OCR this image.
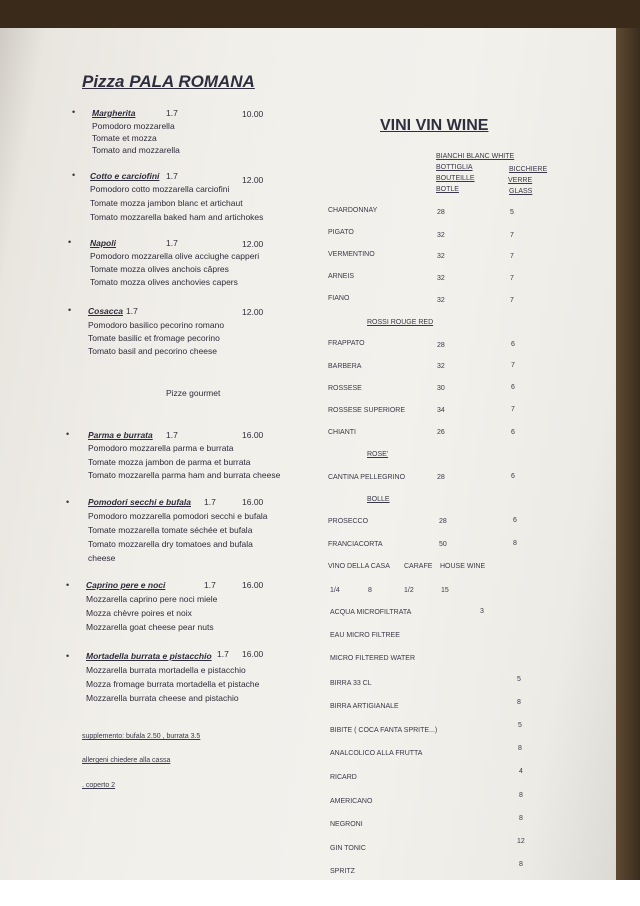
Pizza PALA ROMANA
VINI VIN WINE
• Margherita	1.7	10.00
Pomodoro mozzarella
Tomate et mozza
Tomato and mozzarella
• Cotto e carciofini 1.7	12.00
Pomodoro cotto mozzarella carciofini
Tomate mozza jambon blanc et artichaut
Tomato mozzarella baked ham and artichokes
• Napoli	1.7	12.00
Pomodoro mozzarella olive acciughe capperi
Tomate mozza olives anchois câpres
Tomato mozza olives anchovies capers
• Cosacca 1.7	12.00
Pomodoro basilico pecorino romano
Tomate basilic et fromage pecorino
Tomato basil and pecorino cheese
Pizze gourmet
• Parma e burrata 1.7	16.00
Pomodoro mozzarella parma e burrata
Tomate mozza jambon de parma et burrata
Tomato mozzarella parma ham and burrata cheese
• Pomodori secchi e bufala 1.7	16.00
Pomodoro mozzarella pomodori secchi e bufala
Tomate mozzarella tomate séchée et bufala
Tomato mozzarella dry tomatoes and bufala
cheese
• Caprino pere e noci	1.7	16.00
Mozzarella caprino pere noci miele
Mozza chèvre poires et noix
Mozzarella goat cheese pear nuts
• Mortadella burrata e pistacchio 1.7 16.00
Mozzarella burrata mortadella e pistacchio
Mozza fromage burrata mortadella et pistache
Mozzarella burrata cheese and pistachio
supplemento: bufala 2.50 , burrata 3.5
allergeni chiedere alla cassa
. coperto 2
BIANCHI BLANC WHITE
BOTTIGLIA	BICCHIERE
BOUTEILLE	VERRE
BOTLE	GLASS
CHARDONNAY	28	5
PIGATO	32	7
VERMENTINO	32	7
ARNEIS	32	7
FIANO	32	7
ROSSI ROUGE RED
FRAPPATO	28	6
BARBERA	32	7
ROSSESE	30	6
ROSSESE SUPERIORE	34	7
CHIANTI	26	6
ROSE'
CANTINA PELLEGRINO	28	6
BOLLE
PROSECCO	28	6
FRANCIACORTA	50	8
VINO DELLA CASA CARAFE HOUSE WINE
1/4	8	1/2	15
ACQUA MICROFILTRATA	3
EAU MICRO FILTREE
MICRO FILTERED WATER
BIRRA 33 CL
5
BIRRA ARTIGIANALE
8
BIBITE ( COCA FANTA SPRITE...)
5
ANALCOLICO ALLA FRUTTA
8
RICARD
4
AMERICANO
8
NEGRONI
8
GIN TONIC
12
SPRITZ
8
